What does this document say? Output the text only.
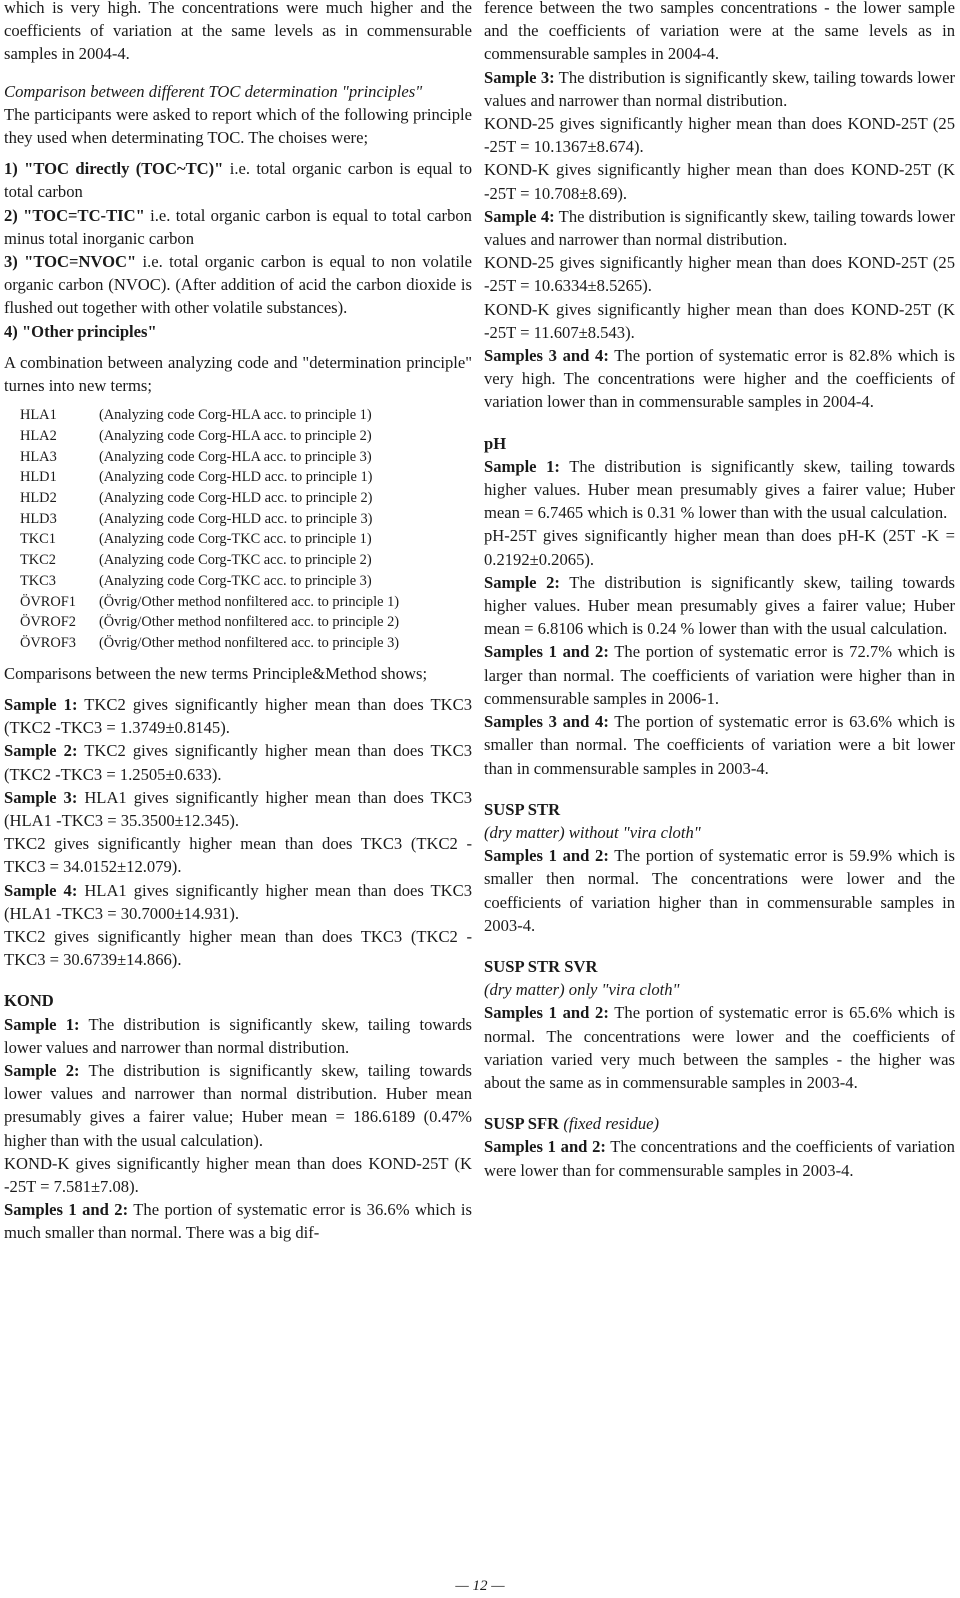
which is very high. The concentrations were much higher and the coefficients of variation at the same levels as in commensurable samples in 2004-4.

Comparison between different TOC determination "principles"

The participants were asked to report which of the following principle they used when determinating TOC. The choises were;

1) "TOC directly (TOC~TC)" i.e. total organic carbon is equal to total carbon

2) "TOC=TC-TIC" i.e. total organic carbon is equal to total carbon minus total inorganic carbon

3) "TOC=NVOC" i.e. total organic carbon is equal to non volatile organic carbon (NVOC). (After addition of acid the carbon dioxide is flushed out together with other volatile substances).

4) "Other principles"

A combination between analyzing code and "determination principle" turnes into new terms;

HLA1	(Analyzing code Corg-HLA acc. to principle 1)
HLA2	(Analyzing code Corg-HLA acc. to principle 2)
HLA3	(Analyzing code Corg-HLA acc. to principle 3)
HLD1	(Analyzing code Corg-HLD acc. to principle 1)
HLD2	(Analyzing code Corg-HLD acc. to principle 2)
HLD3	(Analyzing code Corg-HLD acc. to principle 3)
TKC1	(Analyzing code Corg-TKC acc. to principle 1)
TKC2	(Analyzing code Corg-TKC acc. to principle 2)
TKC3	(Analyzing code Corg-TKC acc. to principle 3)
ÖVROF1	(Övrig/Other method nonfiltered acc. to principle 1)
ÖVROF2	(Övrig/Other method nonfiltered acc. to principle 2)
ÖVROF3	(Övrig/Other method nonfiltered acc. to principle 3)

Comparisons between the new terms Principle&Method shows;

Sample 1: TKC2 gives significantly higher mean than does TKC3 (TKC2 -TKC3 = 1.3749±0.8145).

Sample 2: TKC2 gives significantly higher mean than does TKC3 (TKC2 -TKC3 = 1.2505±0.633).

Sample 3: HLA1 gives significantly higher mean than does TKC3 (HLA1 -TKC3 = 35.3500±12.345).

TKC2 gives significantly higher mean than does TKC3 (TKC2 -TKC3 = 34.0152±12.079).

Sample 4: HLA1 gives significantly higher mean than does TKC3 (HLA1 -TKC3 = 30.7000±14.931).

TKC2 gives significantly higher mean than does TKC3 (TKC2 -TKC3 = 30.6739±14.866).

KOND

Sample 1: The distribution is significantly skew, tailing towards lower values and narrower than normal distribution.

Sample 2: The distribution is significantly skew, tailing towards lower values and narrower than normal distribution. Huber mean presumably gives a fairer value; Huber mean = 186.6189 (0.47% higher than with the usual calculation).

KOND-K gives significantly higher mean than does KOND-25T (K -25T = 7.581±7.08).

Samples 1 and 2: The portion of systematic error is 36.6% which is much smaller than normal. There was a big dif-

ference between the two samples concentrations - the lower sample and the coefficients of variation were at the same levels as in commensurable samples in 2004-4.

Sample 3: The distribution is significantly skew, tailing towards lower values and narrower than normal distribution.

KOND-25 gives significantly higher mean than does KOND-25T (25 -25T = 10.1367±8.674).

KOND-K gives significantly higher mean than does KOND-25T (K -25T = 10.708±8.69).

Sample 4: The distribution is significantly skew, tailing towards lower values and narrower than normal distribution.

KOND-25 gives significantly higher mean than does KOND-25T (25 -25T = 10.6334±8.5265).

KOND-K gives significantly higher mean than does KOND-25T (K -25T = 11.607±8.543).

Samples 3 and 4: The portion of systematic error is 82.8% which is very high. The concentrations were higher and the coefficients of variation lower than in commensurable samples in 2004-4.

pH

Sample 1: The distribution is significantly skew, tailing towards higher values. Huber mean presumably gives a fairer value; Huber mean = 6.7465 which is 0.31 % lower than with the usual calculation.

pH-25T gives significantly higher mean than does pH-K (25T -K = 0.2192±0.2065).

Sample 2: The distribution is significantly skew, tailing towards higher values. Huber mean presumably gives a fairer value; Huber mean = 6.8106 which is 0.24 % lower than with the usual calculation.

Samples 1 and 2: The portion of systematic error is 72.7% which is larger than normal. The coefficients of variation were higher than in commensurable samples in 2006-1.

Samples 3 and 4: The portion of systematic error is 63.6% which is smaller than normal. The coefficients of variation were a bit lower than in commensurable samples in 2003-4.

SUSP STR

(dry matter) without "vira cloth"

Samples 1 and 2: The portion of systematic error is 59.9% which is smaller then normal. The concentrations were lower and the coefficients of variation higher than in commensurable samples in 2003-4.

SUSP STR SVR

(dry matter) only "vira cloth"

Samples 1 and 2: The portion of systematic error is 65.6% which is normal. The concentrations were lower and the coefficients of variation varied very much between the samples - the higher was about the same as in commensurable samples in 2003-4.

SUSP SFR (fixed residue)

Samples 1 and 2: The concentrations and the coefficients of variation were lower than for commensurable samples in 2003-4.

— 12 —
